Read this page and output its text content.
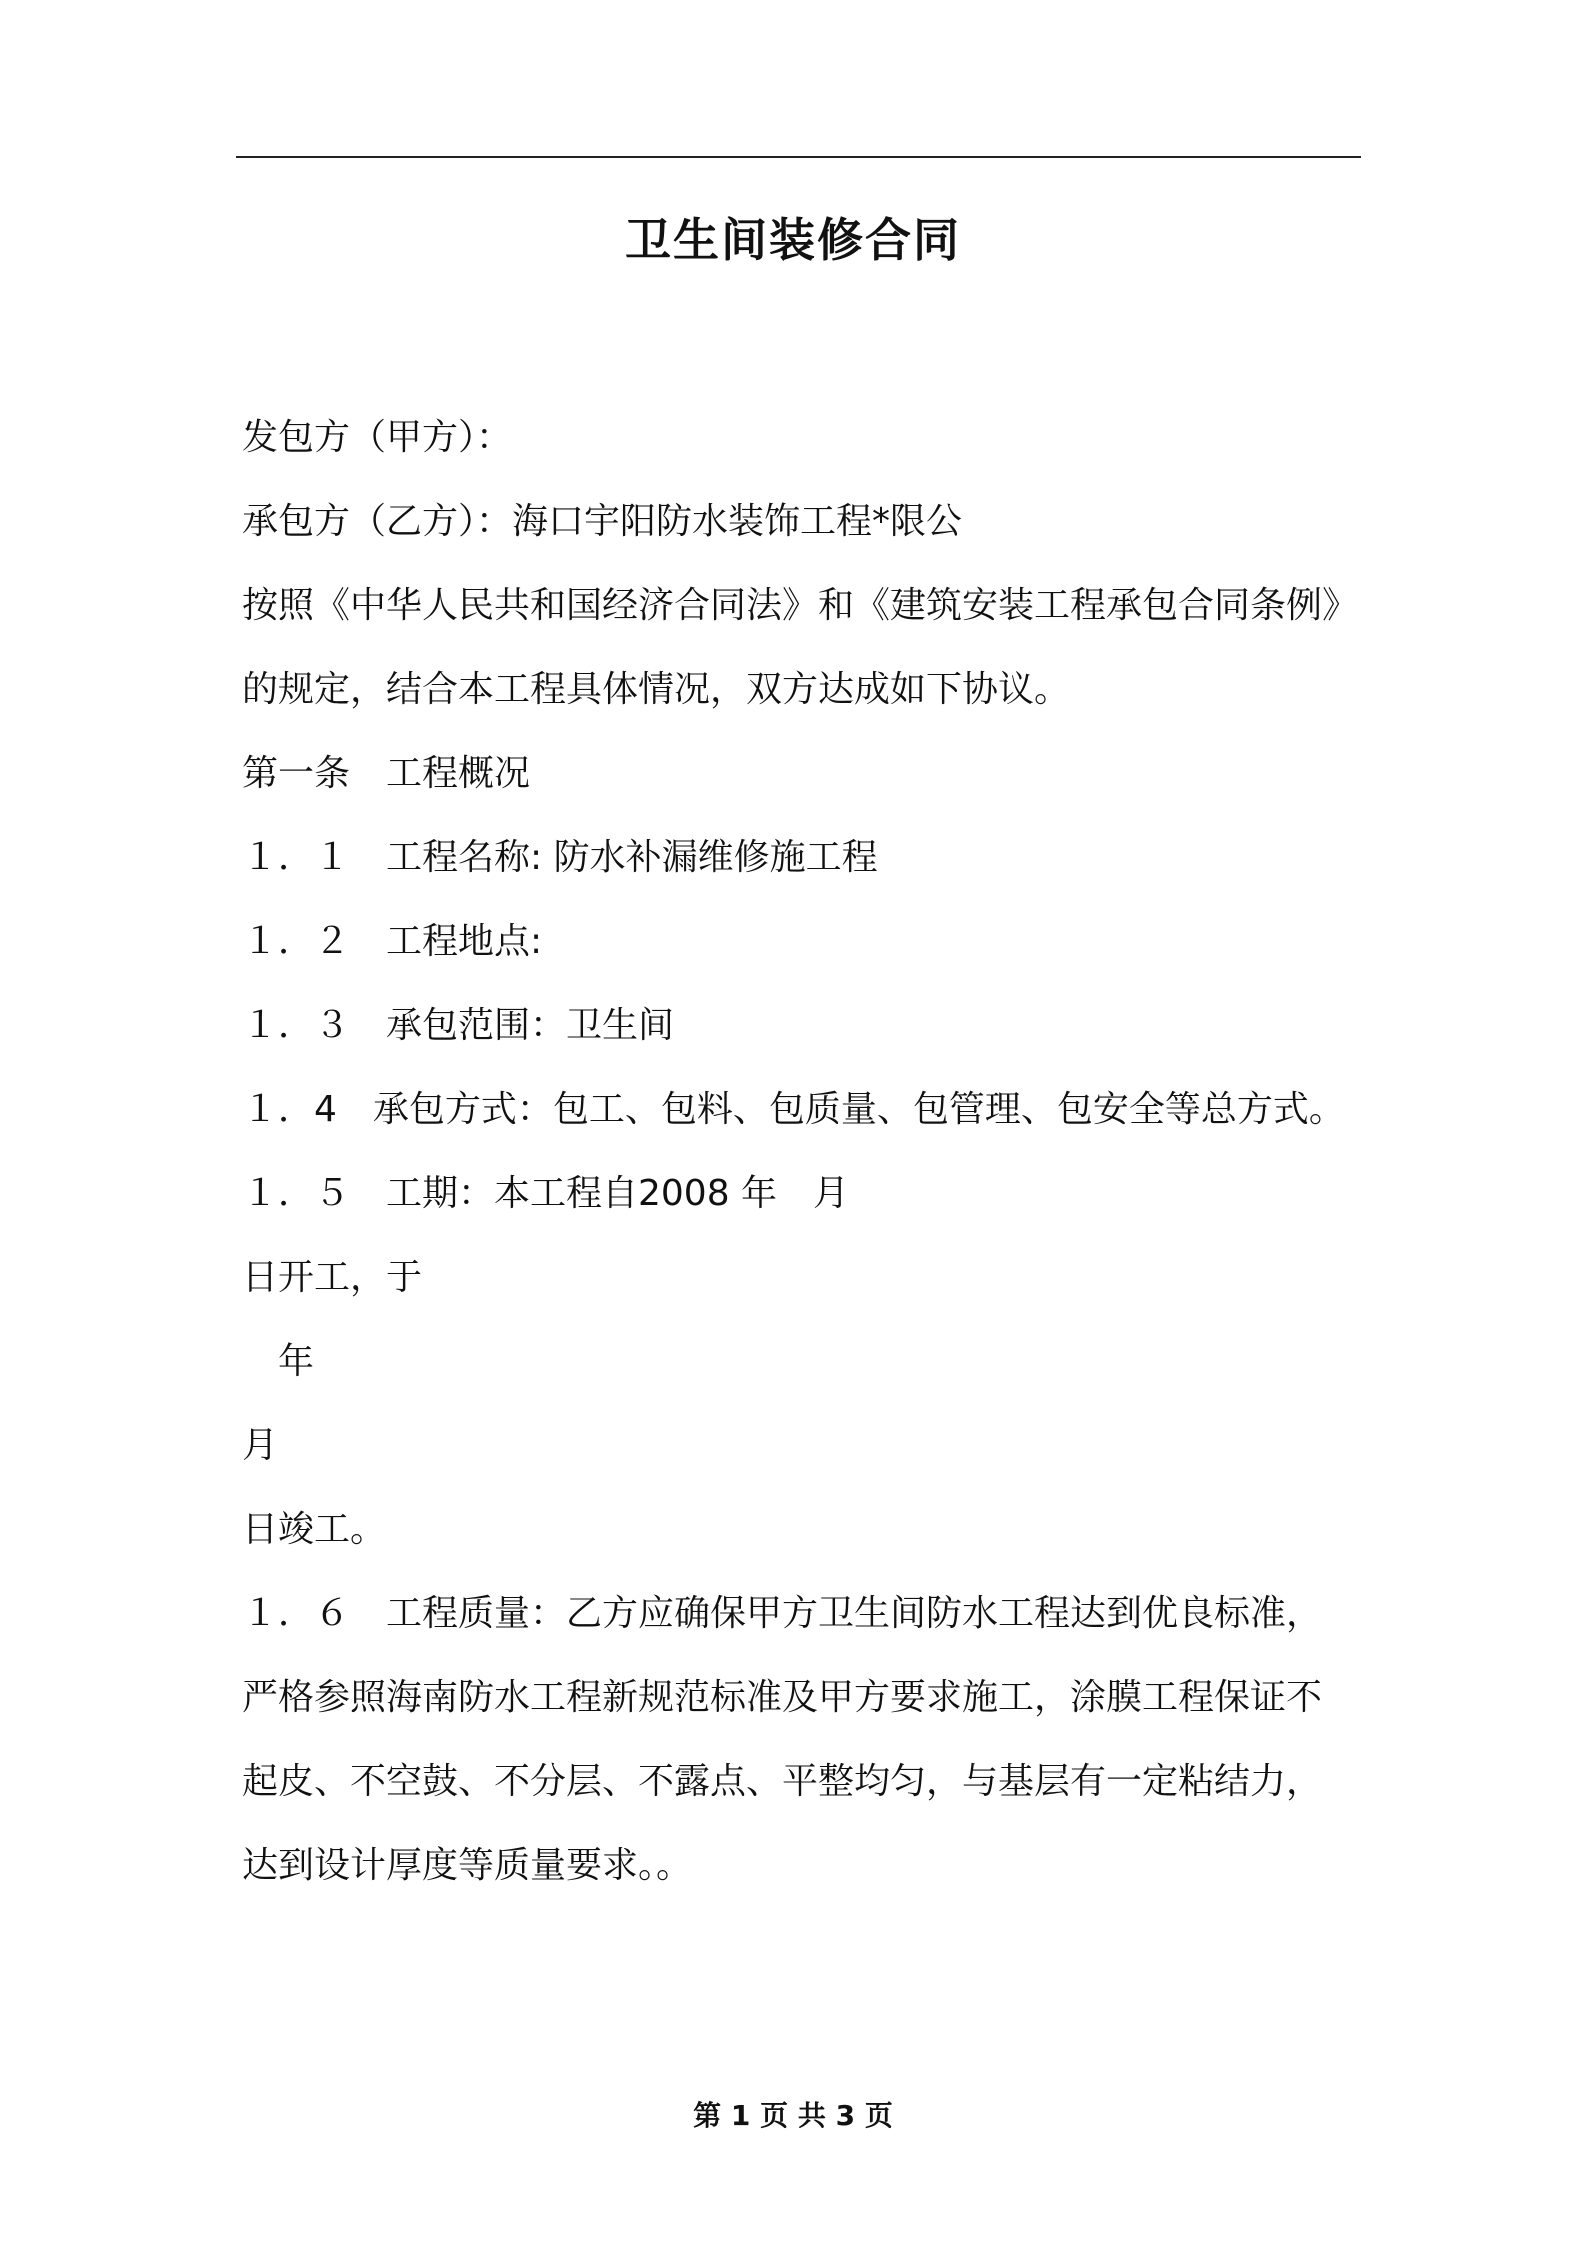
卫生间装修合同
发包方（甲方）：
承包方（乙方）：海口宇阳防水装饰工程*限公
按照《中华人民共和国经济合同法》和《建筑安装工程承包合同条例》
的规定，结合本工程具体情况，双方达成如下协议。
第一条　工程概况
１．１　工程名称: 防水补漏维修施工程
１．２　工程地点:
１．３　承包范围：卫生间
１．4　承包方式：包工、包料、包质量、包管理、包安全等总方式。
１．５　工期：本工程自2008 年　月
日开工，于
　年
月
日竣工。
１．６　工程质量：乙方应确保甲方卫生间防水工程达到优良标准，
严格参照海南防水工程新规范标准及甲方要求施工，涂膜工程保证不
起皮、不空鼓、不分层、不露点、平整均匀，与基层有一定粘结力，
达到设计厚度等质量要求。。
第 1 页 共 3 页
